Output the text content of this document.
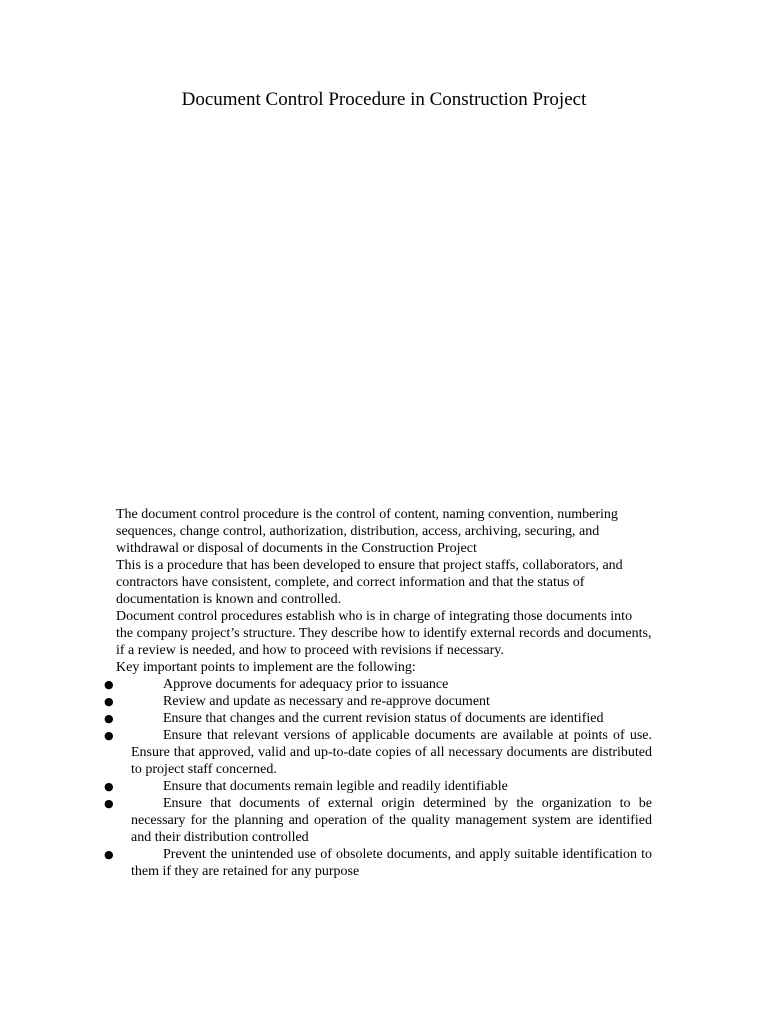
Document Control Procedure in Construction Project

The document control procedure is the control of content, naming convention, numbering sequences, change control, authorization, distribution, access, archiving, securing, and withdrawal or disposal of documents in the Construction Project

This is a procedure that has been developed to ensure that project staffs, collaborators, and contractors have consistent, complete, and correct information and that the status of documentation is known and controlled.

Document control procedures establish who is in charge of integrating those documents into the company project’s structure. They describe how to identify external records and documents, if a review is needed, and how to proceed with revisions if necessary.

Key important points to implement are the following:

●	Approve documents for adequacy prior to issuance
●	Review and update as necessary and re-approve document
●	Ensure that changes and the current revision status of documents are identified
●	Ensure that relevant versions of applicable documents are available at points of use. Ensure that approved, valid and up-to-date copies of all necessary documents are distributed to project staff concerned.
●	Ensure that documents remain legible and readily identifiable
●	Ensure that documents of external origin determined by the organization to be necessary for the planning and operation of the quality management system are identified and their distribution controlled
●	Prevent the unintended use of obsolete documents, and apply suitable identification to them if they are retained for any purpose
